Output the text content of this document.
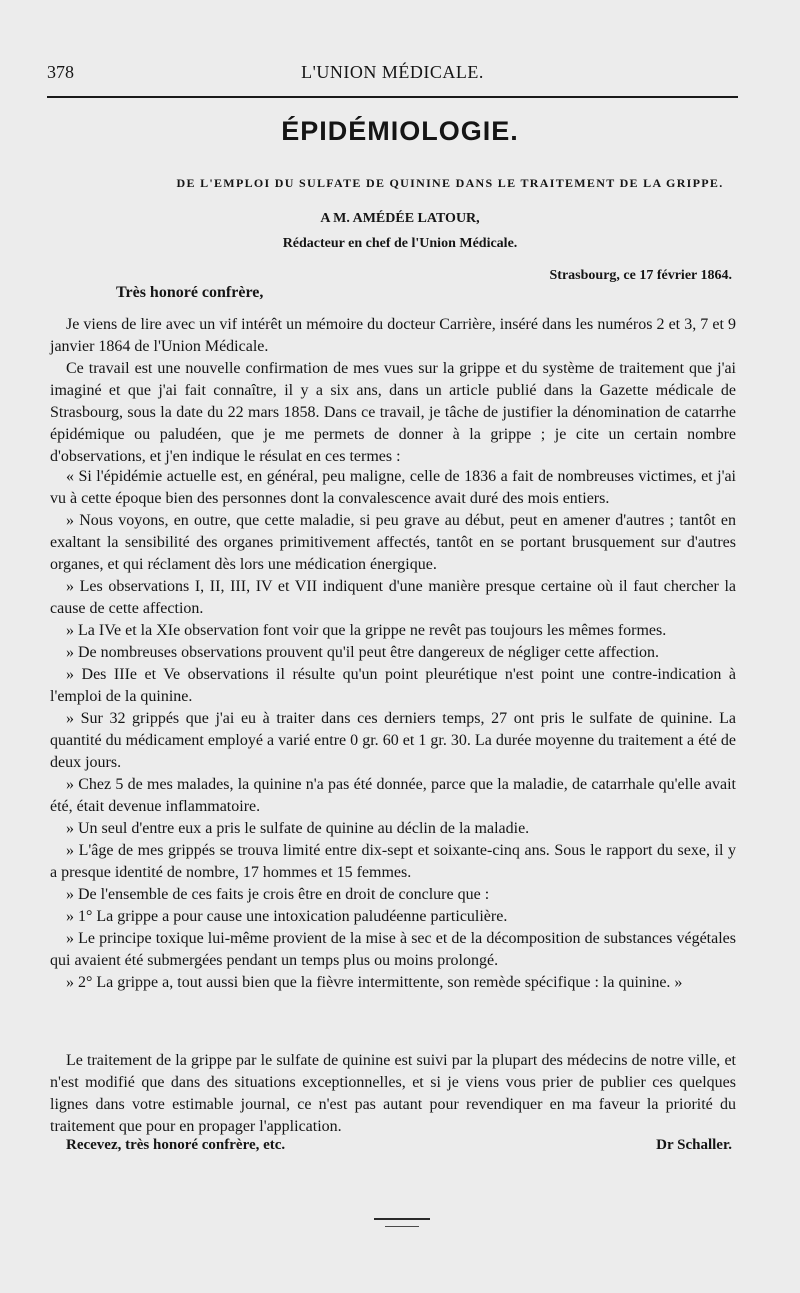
378	L'UNION MÉDICALE.
ÉPIDÉMIOLOGIE.
DE L'EMPLOI DU SULFATE DE QUININE DANS LE TRAITEMENT DE LA GRIPPE.
A M. AMÉDÉE LATOUR,
Rédacteur en chef de l'Union Médicale.
Strasbourg, ce 17 février 1864.
Très honoré confrère,

Je viens de lire avec un vif intérêt un mémoire du docteur Carrière, inséré dans les numéros 2 et 3, 7 et 9 janvier 1864 de l'Union Médicale.

Ce travail est une nouvelle confirmation de mes vues sur la grippe et du système de traitement que j'ai imaginé et que j'ai fait connaître, il y a six ans, dans un article publié dans la Gazette médicale de Strasbourg, sous la date du 22 mars 1858. Dans ce travail, je tâche de justifier la dénomination de catarrhe épidémique ou paludéen, que je me permets de donner à la grippe ; je cite un certain nombre d'observations, et j'en indique le résulat en ces termes :

« Si l'épidémie actuelle est, en général, peu maligne, celle de 1836 a fait de nombreuses victimes, et j'ai vu à cette époque bien des personnes dont la convalescence avait duré des mois entiers.

» Nous voyons, en outre, que cette maladie, si peu grave au début, peut en amener d'autres ; tantôt en exaltant la sensibilité des organes primitivement affectés, tantôt en se portant brusquement sur d'autres organes, et qui réclament dès lors une médication énergique.

» Les observations I, II, III, IV et VII indiquent d'une manière presque certaine où il faut chercher la cause de cette affection.

» La IVe et la XIe observation font voir que la grippe ne revêt pas toujours les mêmes formes.

» De nombreuses observations prouvent qu'il peut être dangereux de négliger cette affection.

» Des IIIe et Ve observations il résulte qu'un point pleurétique n'est point une contre-indication à l'emploi de la quinine.

» Sur 32 grippés que j'ai eu à traiter dans ces derniers temps, 27 ont pris le sulfate de quinine. La quantité du médicament employé a varié entre 0 gr. 60 et 1 gr. 30. La durée moyenne du traitement a été de deux jours.

» Chez 5 de mes malades, la quinine n'a pas été donnée, parce que la maladie, de catarrhale qu'elle avait été, était devenue inflammatoire.

» Un seul d'entre eux a pris le sulfate de quinine au déclin de la maladie.

» L'âge de mes grippés se trouva limité entre dix-sept et soixante-cinq ans. Sous le rapport du sexe, il y a presque identité de nombre, 17 hommes et 15 femmes.

» De l'ensemble de ces faits je crois être en droit de conclure que :

» 1° La grippe a pour cause une intoxication paludéenne particulière.

» Le principe toxique lui-même provient de la mise à sec et de la décomposition de substances végétales qui avaient été submergées pendant un temps plus ou moins prolongé.

» 2° La grippe a, tout aussi bien que la fièvre intermittente, son remède spécifique : la quinine. »

Le traitement de la grippe par le sulfate de quinine est suivi par la plupart des médecins de notre ville, et n'est modifié que dans des situations exceptionnelles, et si je viens vous prier de publier ces quelques lignes dans votre estimable journal, ce n'est pas autant pour revendiquer en ma faveur la priorité du traitement que pour en propager l'application.

Recevez, très honoré confrère, etc.	Dr Schaller.
